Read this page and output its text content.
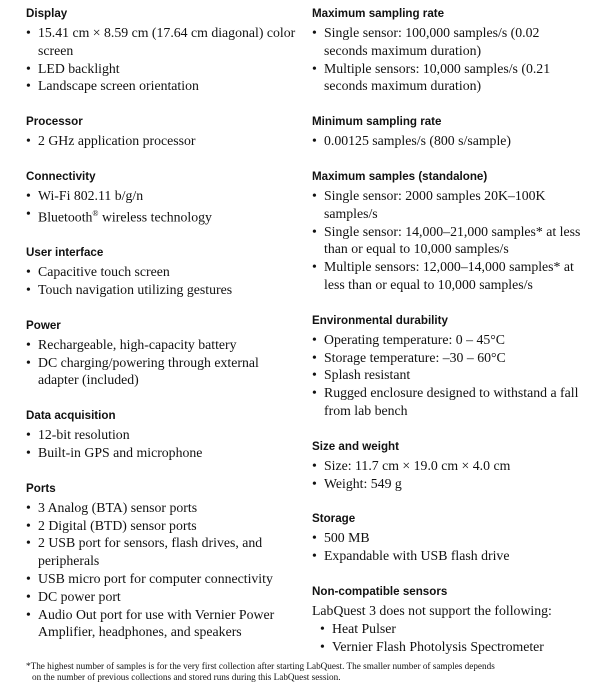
Display
• 15.41 cm × 8.59 cm (17.64 cm diagonal) color screen
• LED backlight
• Landscape screen orientation
Processor
• 2 GHz application processor
Connectivity
• Wi-Fi 802.11 b/g/n
• Bluetooth® wireless technology
User interface
• Capacitive touch screen
• Touch navigation utilizing gestures
Power
• Rechargeable, high-capacity battery
• DC charging/powering through external adapter (included)
Data acquisition
• 12-bit resolution
• Built-in GPS and microphone
Ports
• 3 Analog (BTA) sensor ports
• 2 Digital (BTD) sensor ports
• 2 USB port for sensors, flash drives, and peripherals
• USB micro port for computer connectivity
• DC power port
• Audio Out port for use with Vernier Power Amplifier, headphones, and speakers
Maximum sampling rate
• Single sensor: 100,000 samples/s (0.02 seconds maximum duration)
• Multiple sensors: 10,000 samples/s (0.21 seconds maximum duration)
Minimum sampling rate
• 0.00125 samples/s (800 s/sample)
Maximum samples (standalone)
• Single sensor: 2000 samples 20K–100K samples/s
• Single sensor: 14,000–21,000 samples* at less than or equal to 10,000 samples/s
• Multiple sensors: 12,000–14,000 samples* at less than or equal to 10,000 samples/s
Environmental durability
• Operating temperature: 0 – 45°C
• Storage temperature: –30 – 60°C
• Splash resistant
• Rugged enclosure designed to withstand a fall from lab bench
Size and weight
• Size: 11.7 cm × 19.0 cm × 4.0 cm
• Weight: 549 g
Storage
• 500 MB
• Expandable with USB flash drive
Non-compatible sensors
LabQuest 3 does not support the following:
• Heat Pulser
• Vernier Flash Photolysis Spectrometer
*The highest number of samples is for the very first collection after starting LabQuest. The smaller number of samples depends
on the number of previous collections and stored runs during this LabQuest session.
